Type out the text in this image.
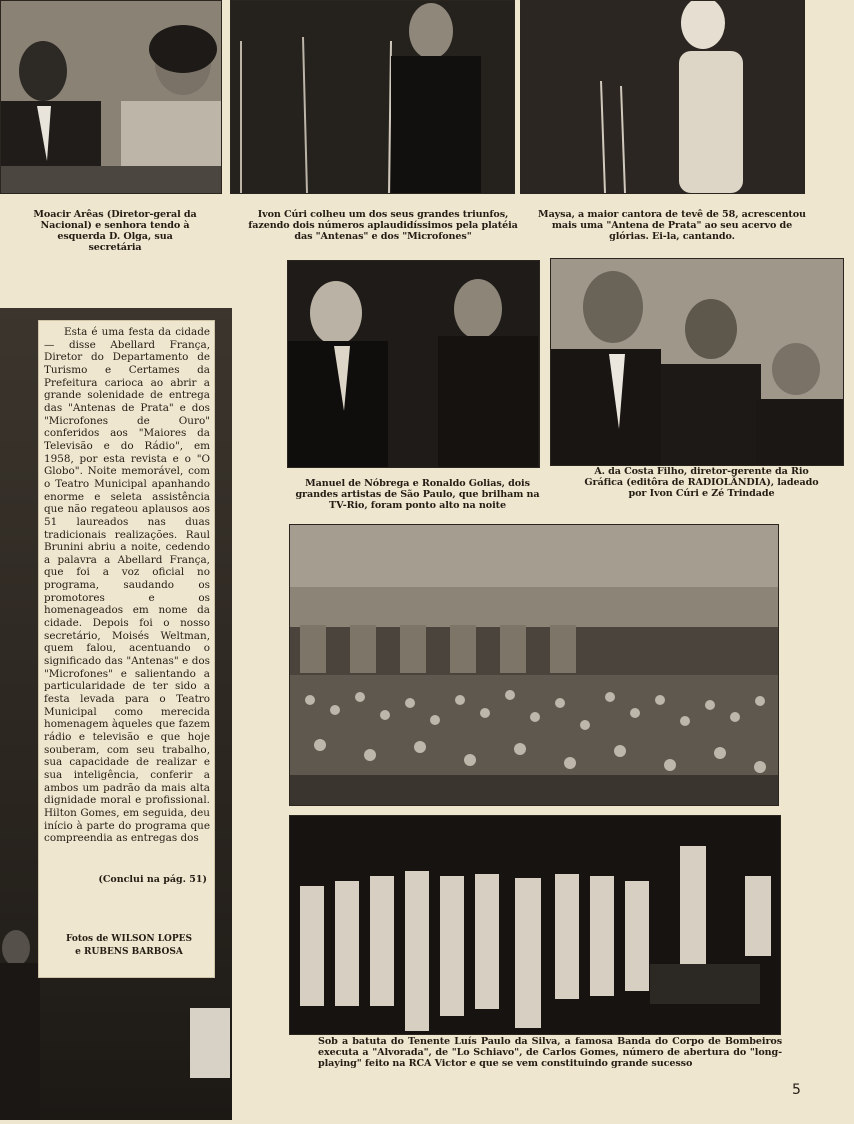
Moacir Arêas (Diretor-geral da Nacional) e senhora tendo à esquerda D. Olga, sua secretária
Ivon Cúri colheu um dos seus grandes triunfos, fazendo dois números aplaudidíssimos pela platéia das "Antenas" e dos "Microfones"
Maysa, a maior cantora de tevê de 58, acrescentou mais uma "Antena de Prata" ao seu acervo de glórias. Ei-la, cantando.
Manuel de Nóbrega e Ronaldo Golias, dois grandes artistas de São Paulo, que brilham na TV-Rio, foram ponto alto na noite
A. da Costa Filho, diretor-gerente da Rio Gráfica (editôra de RADIOLÂNDIA), ladeado por Ivon Cúri e Zé Trindade
Sob a batuta do Tenente Luís Paulo da Silva, a famosa Banda do Corpo de Bombeiros executa a "Alvorada", de "Lo Schiavo", de Carlos Gomes, número de abertura do "long-playing" feito na RCA Victor e que se vem constituindo grande sucesso

Esta é uma festa da cidade — disse Abellard França, Diretor do Departamento de Turismo e Certames da Prefeitura carioca ao abrir a grande solenidade de entrega das "Antenas de Prata" e dos "Microfones de Ouro" conferidos aos "Maiores da Televisão e do Rádio", em 1958, por esta revista e o "O Globo". Noite memorável, com o Teatro Municipal apanhando enorme e seleta assistência que não regateou aplausos aos 51 laureados nas duas tradicionais realizações. Raul Brunini abriu a noite, cedendo a palavra a Abellard França, que foi a voz oficial no programa, saudando os promotores e os homenageados em nome da cidade. Depois foi o nosso secretário, Moisés Weltman, quem falou, acentuando o significado das "Antenas" e dos "Microfones" e salientando a particularidade de ter sido a festa levada para o Teatro Municipal como merecida homenagem àqueles que fazem rádio e televisão e que hoje souberam, com seu trabalho, sua capacidade de realizar e sua inteligência, conferir a ambos um padrão da mais alta dignidade moral e profissional. Hilton Gomes, em seguida, deu início à parte do programa que compreendia as entregas dos

(Conclui na pág. 51)
Fotos de WILSON LOPES
e RUBENS BARBOSA
5
